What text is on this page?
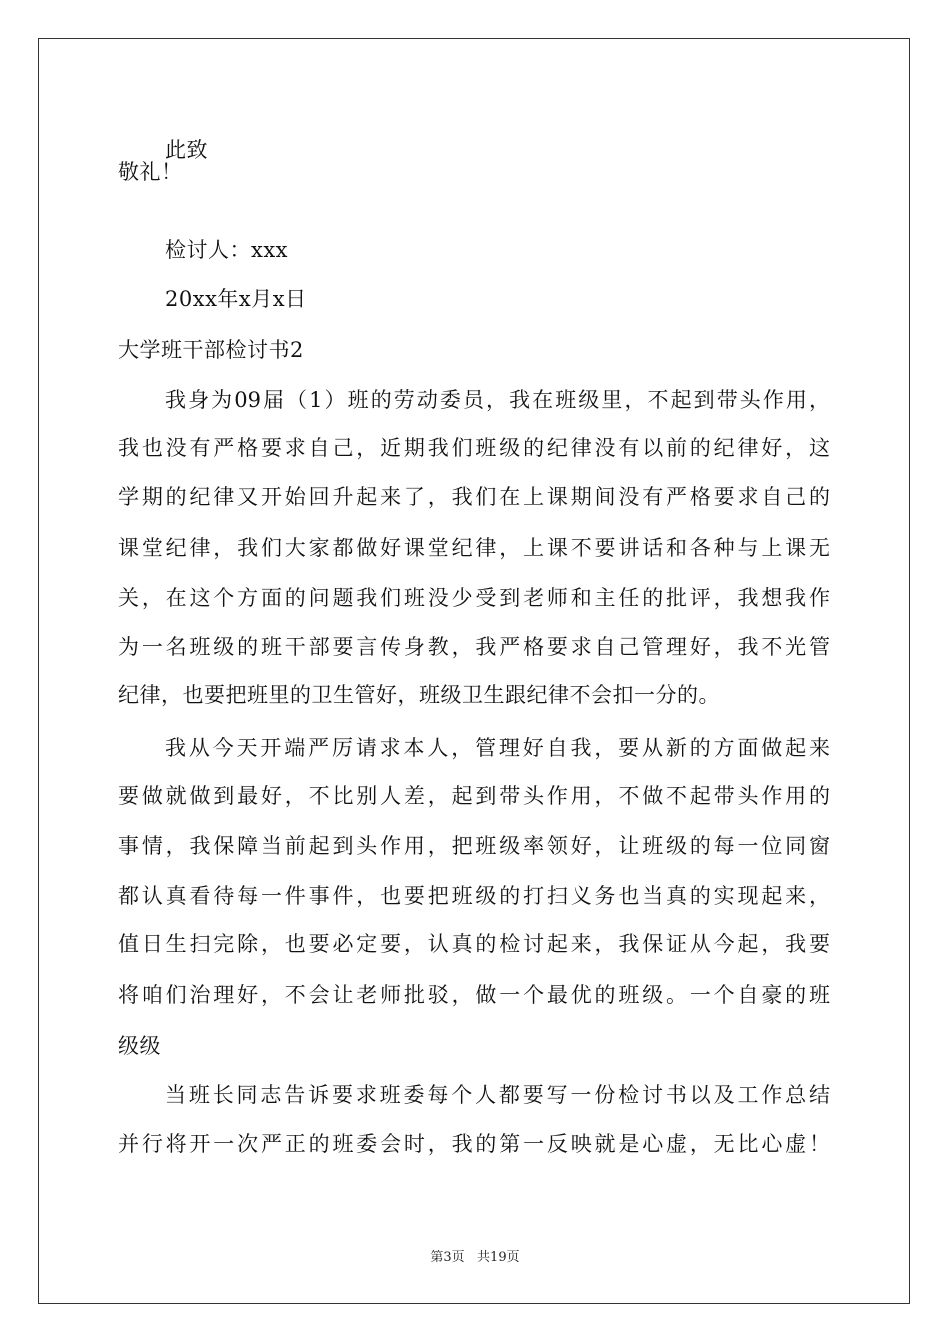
此致
敬礼！
检讨人：xxx
20xx年x月x日
大学班干部检讨书2
我身为09届（1）班的劳动委员，我在班级里，不起到带头作用，
我也没有严格要求自己，近期我们班级的纪律没有以前的纪律好，这
学期的纪律又开始回升起来了，我们在上课期间没有严格要求自己的
课堂纪律，我们大家都做好课堂纪律，上课不要讲话和各种与上课无
关，在这个方面的问题我们班没少受到老师和主任的批评，我想我作
为一名班级的班干部要言传身教，我严格要求自己管理好，我不光管
纪律，也要把班里的卫生管好，班级卫生跟纪律不会扣一分的。
我从今天开端严厉请求本人，管理好自我，要从新的方面做起来
要做就做到最好，不比别人差，起到带头作用，不做不起带头作用的
事情，我保障当前起到头作用，把班级率领好，让班级的每一位同窗
都认真看待每一件事件，也要把班级的打扫义务也当真的实现起来，
值日生扫完除，也要必定要，认真的检讨起来，我保证从今起，我要
将咱们治理好，不会让老师批驳，做一个最优的班级。一个自豪的班
级级
当班长同志告诉要求班委每个人都要写一份检讨书以及工作总结
并行将开一次严正的班委会时，我的第一反映就是心虚，无比心虚！
第3页   共19页
